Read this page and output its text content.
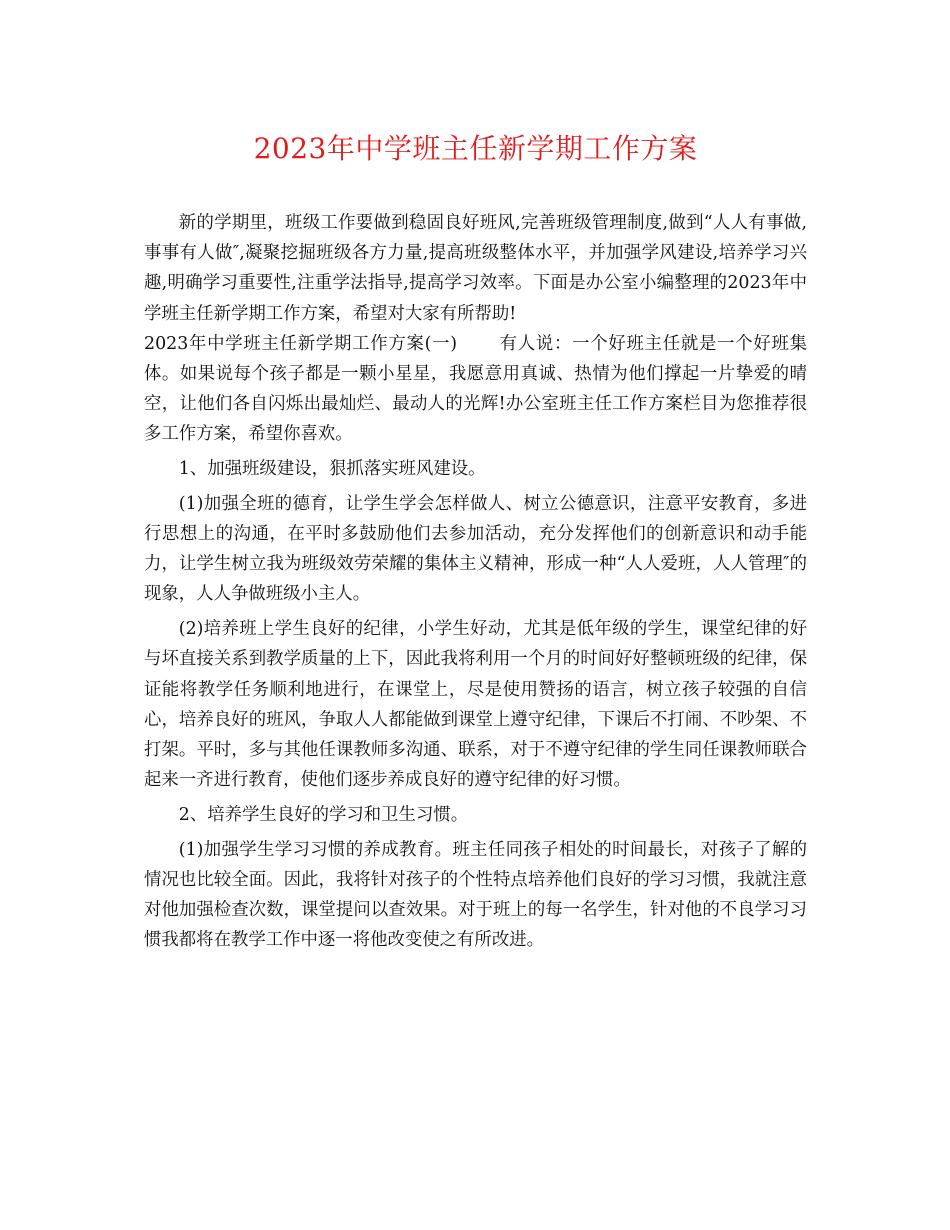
2023年中学班主任新学期工作方案

新的学期里，班级工作要做到稳固良好班风,完善班级管理制度,做到“人人有事做,事事有人做″,凝聚挖掘班级各方力量,提高班级整体水平，并加强学风建设,培养学习兴趣,明确学习重要性,注重学法指导,提高学习效率。下面是办公室小编整理的2023年中学班主任新学期工作方案，希望对大家有所帮助!

2023年中学班主任新学期工作方案(一) 有人说：一个好班主任就是一个好班集体。如果说每个孩子都是一颗小星星，我愿意用真诚、热情为他们撑起一片挚爱的晴空，让他们各自闪烁出最灿烂、最动人的光辉!办公室班主任工作方案栏目为您推荐很多工作方案，希望你喜欢。

1、加强班级建设，狠抓落实班风建设。

(1)加强全班的德育，让学生学会怎样做人、树立公德意识，注意平安教育，多进行思想上的沟通，在平时多鼓励他们去参加活动，充分发挥他们的创新意识和动手能力，让学生树立我为班级效劳荣耀的集体主义精神，形成一种“人人爱班，人人管理″的现象，人人争做班级小主人。

(2)培养班上学生良好的纪律，小学生好动，尤其是低年级的学生，课堂纪律的好与坏直接关系到教学质量的上下，因此我将利用一个月的时间好好整顿班级的纪律，保证能将教学任务顺利地进行，在课堂上，尽是使用赞扬的语言，树立孩子较强的自信心，培养良好的班风，争取人人都能做到课堂上遵守纪律，下课后不打闹、不吵架、不打架。平时，多与其他任课教师多沟通、联系，对于不遵守纪律的学生同任课教师联合起来一齐进行教育，使他们逐步养成良好的遵守纪律的好习惯。

2、培养学生良好的学习和卫生习惯。

(1)加强学生学习习惯的养成教育。班主任同孩子相处的时间最长，对孩子了解的情况也比较全面。因此，我将针对孩子的个性特点培养他们良好的学习习惯，我就注意对他加强检查次数，课堂提问以查效果。对于班上的每一名学生，针对他的不良学习习惯我都将在教学工作中逐一将他改变使之有所改进。
